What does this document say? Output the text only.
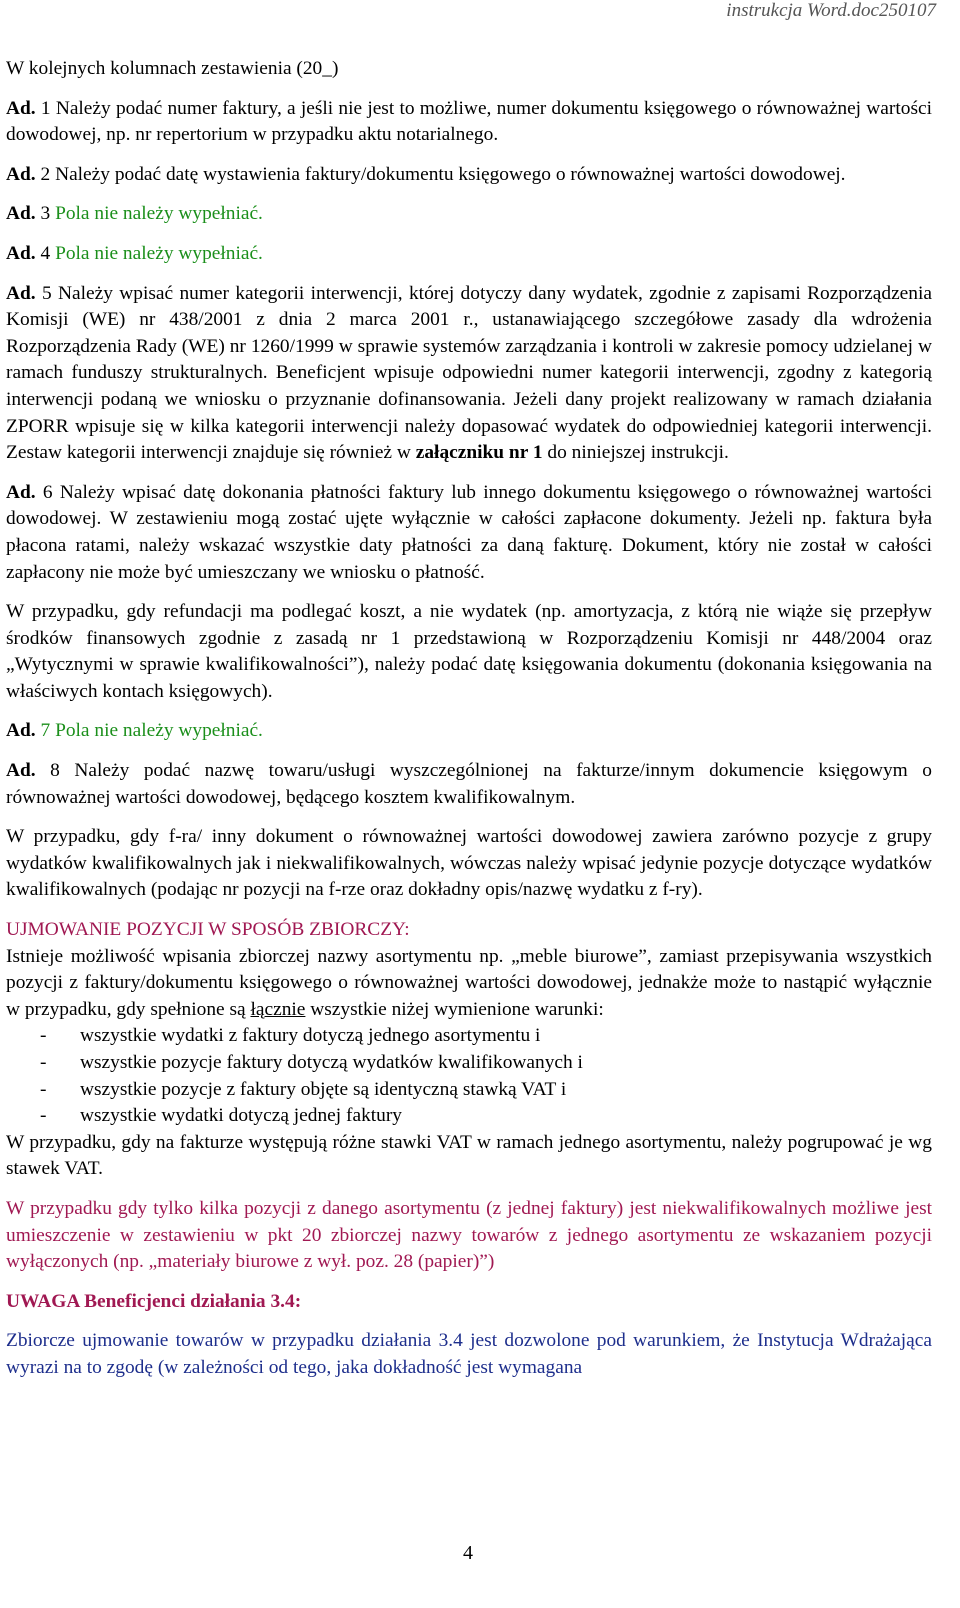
instrukcja Word.doc250107

W kolejnych kolumnach zestawienia (20_)

Ad. 1 Należy podać numer faktury, a jeśli nie jest to możliwe, numer dokumentu księgowego o równoważnej wartości dowodowej, np. nr repertorium w przypadku aktu notarialnego.

Ad. 2 Należy podać datę wystawienia faktury/dokumentu księgowego o równoważnej wartości dowodowej.

Ad. 3 Pola nie należy wypełniać.

Ad. 4 Pola nie należy wypełniać.

Ad. 5 Należy wpisać numer kategorii interwencji, której dotyczy dany wydatek, zgodnie z zapisami Rozporządzenia Komisji (WE) nr 438/2001 z dnia 2 marca 2001 r., ustanawiającego szczegółowe zasady dla wdrożenia Rozporządzenia Rady (WE) nr 1260/1999 w sprawie systemów zarządzania i kontroli w zakresie pomocy udzielanej w ramach funduszy strukturalnych. Beneficjent wpisuje odpowiedni numer kategorii interwencji, zgodny z kategorią interwencji podaną we wniosku o przyznanie dofinansowania. Jeżeli dany projekt realizowany w ramach działania ZPORR wpisuje się w kilka kategorii interwencji należy dopasować wydatek do odpowiedniej kategorii interwencji. Zestaw kategorii interwencji znajduje się również w załączniku nr 1 do niniejszej instrukcji.

Ad. 6 Należy wpisać datę dokonania płatności faktury lub innego dokumentu księgowego o równoważnej wartości dowodowej. W zestawieniu mogą zostać ujęte wyłącznie w całości zapłacone dokumenty. Jeżeli np. faktura była płacona ratami, należy wskazać wszystkie daty płatności za daną fakturę. Dokument, który nie został w całości zapłacony nie może być umieszczany we wniosku o płatność.

W przypadku, gdy refundacji ma podlegać koszt, a nie wydatek (np. amortyzacja, z którą nie wiąże się przepływ środków finansowych zgodnie z zasadą nr 1 przedstawioną w Rozporządzeniu Komisji nr 448/2004 oraz „Wytycznymi w sprawie kwalifikowalności”), należy podać datę księgowania dokumentu (dokonania księgowania na właściwych kontach księgowych).

Ad. 7 Pola nie należy wypełniać.

Ad. 8 Należy podać nazwę towaru/usługi wyszczególnionej na fakturze/innym dokumencie księgowym o równoważnej wartości dowodowej, będącego kosztem kwalifikowalnym.

W przypadku, gdy f-ra/ inny dokument o równoważnej wartości dowodowej zawiera zarówno pozycje z grupy wydatków kwalifikowalnych jak i niekwalifikowalnych, wówczas należy wpisać jedynie pozycje dotyczące wydatków kwalifikowalnych (podając nr pozycji na f-rze oraz dokładny opis/nazwę wydatku z f-ry).

UJMOWANIE POZYCJI W SPOSÓB ZBIORCZY:
Istnieje możliwość wpisania zbiorczej nazwy asortymentu np. „meble biurowe”, zamiast przepisywania wszystkich pozycji z faktury/dokumentu księgowego o równoważnej wartości dowodowej, jednakże może to nastąpić wyłącznie w przypadku, gdy spełnione są łącznie wszystkie niżej wymienione warunki:
-	wszystkie wydatki z faktury dotyczą jednego asortymentu i
-	wszystkie pozycje faktury dotyczą wydatków kwalifikowanych i
-	wszystkie pozycje z faktury objęte są identyczną stawką VAT i
-	wszystkie wydatki dotyczą jednej faktury

W przypadku, gdy na fakturze występują różne stawki VAT w ramach jednego asortymentu, należy pogrupować je wg stawek VAT.

W przypadku gdy tylko kilka pozycji z danego asortymentu (z jednej faktury) jest niekwalifikowalnych możliwe jest umieszczenie w zestawieniu w pkt 20 zbiorczej nazwy towarów z jednego asortymentu ze wskazaniem pozycji wyłączonych (np. „materiały biurowe z wył. poz. 28 (papier)”)

UWAGA Beneficjenci działania 3.4:

Zbiorcze ujmowanie towarów w przypadku działania 3.4 jest dozwolone pod warunkiem, że Instytucja Wdrażająca wyrazi na to zgodę (w zależności od tego, jaka dokładność jest wymagana

4
